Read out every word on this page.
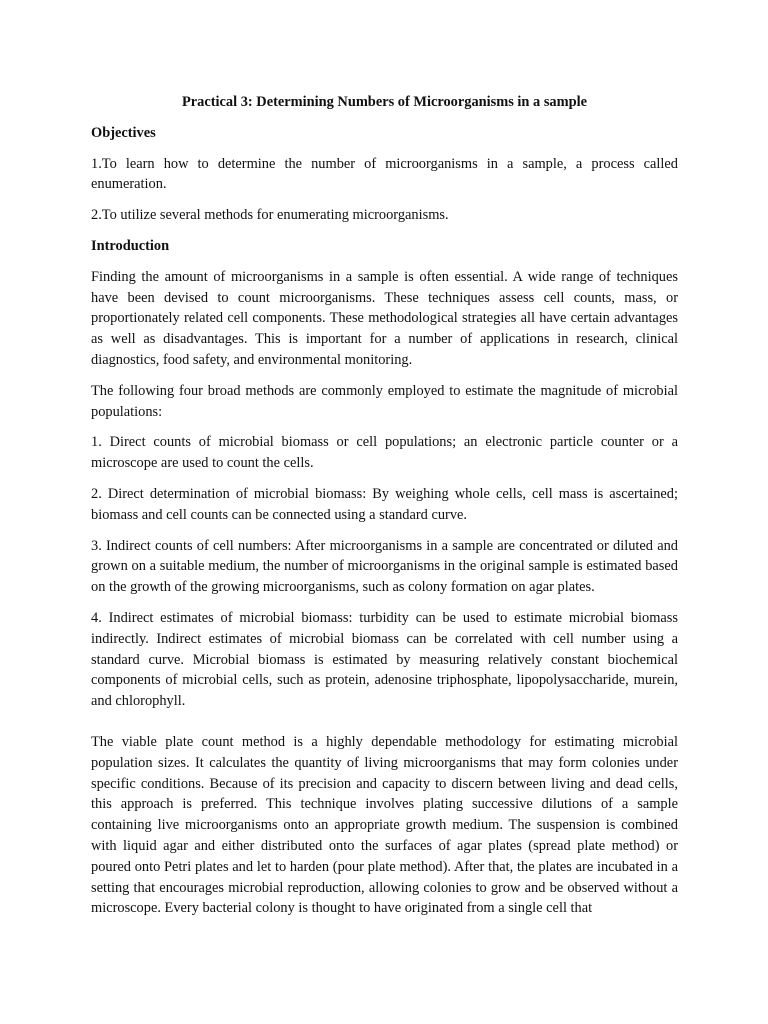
Practical 3: Determining Numbers of Microorganisms in a sample

Objectives

1.To learn how to determine the number of microorganisms in a sample, a process called enumeration.

2.To utilize several methods for enumerating microorganisms.

Introduction

Finding the amount of microorganisms in a sample is often essential. A wide range of techniques have been devised to count microorganisms. These techniques assess cell counts, mass, or proportionately related cell components. These methodological strategies all have certain advantages as well as disadvantages. This is important for a number of applications in research, clinical diagnostics, food safety, and environmental monitoring.

The following four broad methods are commonly employed to estimate the magnitude of microbial populations:

1. Direct counts of microbial biomass or cell populations; an electronic particle counter or a microscope are used to count the cells.

2. Direct determination of microbial biomass: By weighing whole cells, cell mass is ascertained; biomass and cell counts can be connected using a standard curve.

3. Indirect counts of cell numbers: After microorganisms in a sample are concentrated or diluted and grown on a suitable medium, the number of microorganisms in the original sample is estimated based on the growth of the growing microorganisms, such as colony formation on agar plates.

4. Indirect estimates of microbial biomass: turbidity can be used to estimate microbial biomass indirectly. Indirect estimates of microbial biomass can be correlated with cell number using a standard curve. Microbial biomass is estimated by measuring relatively constant biochemical components of microbial cells, such as protein, adenosine triphosphate, lipopolysaccharide, murein, and chlorophyll.

The viable plate count method is a highly dependable methodology for estimating microbial population sizes. It calculates the quantity of living microorganisms that may form colonies under specific conditions. Because of its precision and capacity to discern between living and dead cells, this approach is preferred. This technique involves plating successive dilutions of a sample containing live microorganisms onto an appropriate growth medium. The suspension is combined with liquid agar and either distributed onto the surfaces of agar plates (spread plate method) or poured onto Petri plates and let to harden (pour plate method). After that, the plates are incubated in a setting that encourages microbial reproduction, allowing colonies to grow and be observed without a microscope. Every bacterial colony is thought to have originated from a single cell that
